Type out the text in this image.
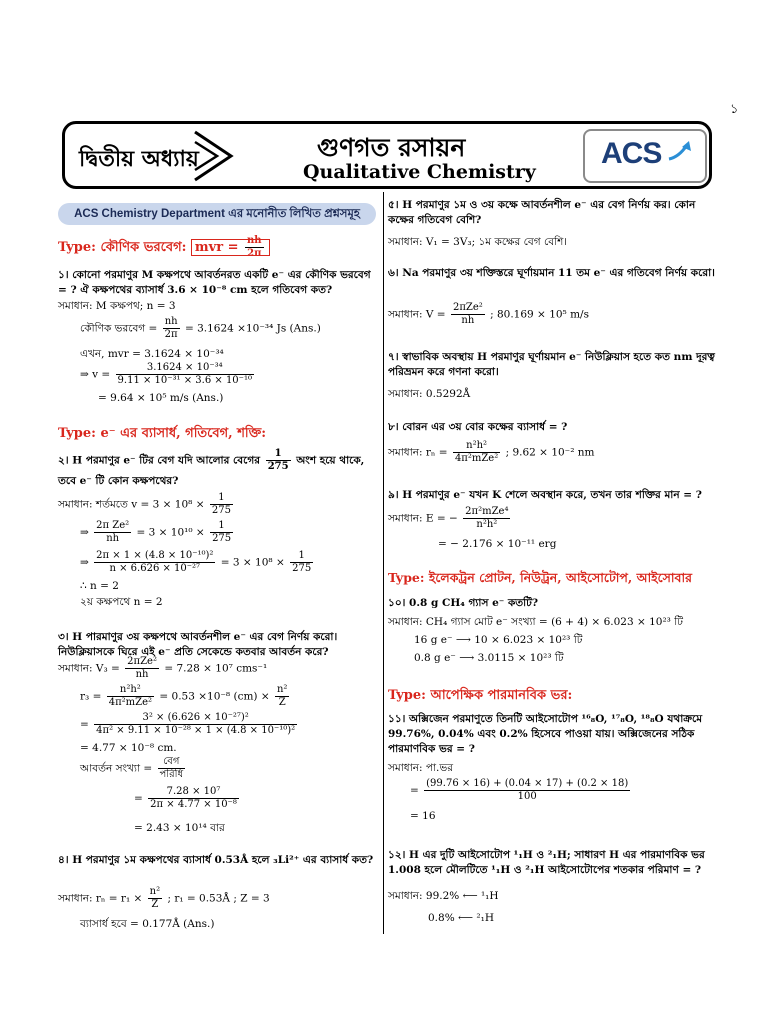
১
দ্বিতীয় অধ্যায়	গুণগত রসায়ন
Qualitative Chemistry
ACS
ACS Chemistry Department এর মনোনীত লিখিত প্রশ্নসমূহ
Type: কৌণিক ভরবেগ: mvr = $\frac{nh}{2\pi}$
১। কোনো পরমাণুর M কক্ষপথে আবর্তনরত একটি e⁻ এর কৌণিক ভরবেগ = ? ঐ কক্ষপথের ব্যাসার্ধ 3.6 × 10⁻⁸ cm হলে গতিবেগ কত?
সমাধান: M কক্ষপথ; n = 3
কৌণিক ভরবেগ = $\frac{nh}{2\pi} = 3.1624 \times 10^{-34}$ Js (Ans.)
এখন, mvr = 3.1624 × 10⁻³⁴
⇒ $v = \frac{\text{3.1624 × 10⁻³⁴}}{\text{9.11 × 10⁻³¹ × 3.6 × 10⁻¹⁰}}$
= 9.64 × 10⁵ m/s (Ans.)
Type: e⁻ এর ব্যাসার্ধ, গতিবেগ, শক্তি:
২। H পরমাণুর e⁻ টির বেগ যদি আলোর বেগের $\frac{1}{275}$ অংশ হয়ে থাকে,
তবে e⁻ টি কোন কক্ষপথের?
সমাধান: শর্তমতে $v = 3 \times 10^8 \times \frac{1}{275}$
⇒ $\frac{\text{2π Ze²}}{nh} = 3 \times 10^{10} \times \frac{1}{275}$
⇒ $\frac{\text{2π × 1 × (4.8 × 10⁻¹⁰)²}}{\text{n × 6.626 × 10⁻²⁷}} = 3 \times 10^8 \times \frac{1}{275}$
∴ n = 2
২য় কক্ষপথে n = 2
৩। H পারমাণুর ৩য় কক্ষপথে আবর্তনশীল e⁻ এর বেগ নির্ণয় করো। নিউক্লিয়াসকে ঘিরে এই e⁻ প্রতি সেকেন্ডে কতবার আবর্তন করে?
সমাধান: V₃ =
2πZe²
nh	= 7.28 × 10⁷ cms⁻¹
r₃ =
n²h²
4π²mZe² = 0.53 ×10⁻⁸ $(cm) \times \frac{\text{n²}}{Z}$
= $\frac{\text{3² × (6.626 × 10⁻²⁷)²}}{\text{4π² × 9.11 × 10⁻²⁸ × 1 × (4.8 × 10⁻¹⁰)²}}$
= 4.77 × 10⁻⁸ cm.
আবর্তন সংখ্যা =
বেগ
পরিধি
= $\frac{\text{7.28 × 10⁷}}{\text{2π × 4.77 × 10⁻⁸}}$
= 2.43 × 10¹⁴ বার
৪। H পরমাণুর ১ম কক্ষপথের ব্যাসার্ধ 0.53Å হলে ₃Li²⁺ এর ব্যাসার্ধ কত?
সমাধান: $r_n = r_1 \times \frac{\text{n²}}{Z}$ ; r₁ = 0.53Å ; Z = 3
ব্যাসার্ধ হবে = 0.177Å (Ans.)
৫। H পরমাণুর ১ম ও ৩য় কক্ষে আবর্তনশীল e⁻ এর বেগ নির্ণয় কর। কোন কক্ষের গতিবেগ বেশি?
সমাধান: V₁ = 3V₃; ১ম কক্ষের বেগ বেশি।
৬। Na পরমাণুর ৩য় শক্তিস্তরে ঘূর্ণায়মান 11 তম e⁻ এর গতিবেগ নির্ণয় করো।
সমাধান: V =
2πZe²
nh	; 80.169 × 10⁵ m/s
৭। স্বাভাবিক অবস্থায় H পরমাণুর ঘূর্ণায়মান e⁻ নিউক্লিয়াস হতে কত nm দূরত্ব পরিভ্রমন করে গণনা করো।
সমাধান: 0.5292Å
৮। বোরন এর ৩য় বোর কক্ষের ব্যাসার্ধ = ?
সমাধান: rₙ =
n²h²
4π²mZe² ; 9.62 × 10⁻² nm
৯। H পরমাণুর e⁻ যখন K শেলে অবস্থান করে, তখন তার শক্তির মান = ?
সমাধান: E = −
2π²mZe⁴
n²h²
= − 2.176 × 10⁻¹¹ erg
Type: ইলেকট্রন প্রোটন, নিউট্রন, আইসোটোপ, আইসোবার
১০। 0.8 g CH₄ গ্যাস e⁻ কতটি?
সমাধান: CH₄ গ্যাস মোট e⁻ সংখ্যা = (6 + 4) × 6.023 × 10²³ টি
16 g e⁻ ⟶ 10 × 6.023 × 10²³ টি
0.8 g e⁻ ⟶ 3.0115 × 10²³ টি
Type: আপেক্ষিক পারমানবিক ভর:
১১। অক্সিজেন পরমাণুতে তিনটি আইসোটোপ ¹⁶₈O, ¹⁷₈O, ¹⁸₈O যথাক্রমে 99.76%, 0.04% এবং 0.2% হিসেবে পাওয়া যায়। অক্সিজেনের সঠিক পারমাণবিক ভর = ?
সমাধান: পা.ভর
= $\frac{(99.76 \times 16) + (0.04 \times 17) + (0.2 \times 18)}{100}$
= 16
১২। H এর দুটি আইসোটোপ ¹₁H ও ²₁H; সাধারণ H এর পারমাণবিক ভর 1.008 হলে মৌলটিতে ¹₁H ও ²₁H আইসোটোপের শতকার পরিমাণ = ?
সমাধান: 99.2% ⟵ ¹₁H
0.8% ⟵ ²₁H
